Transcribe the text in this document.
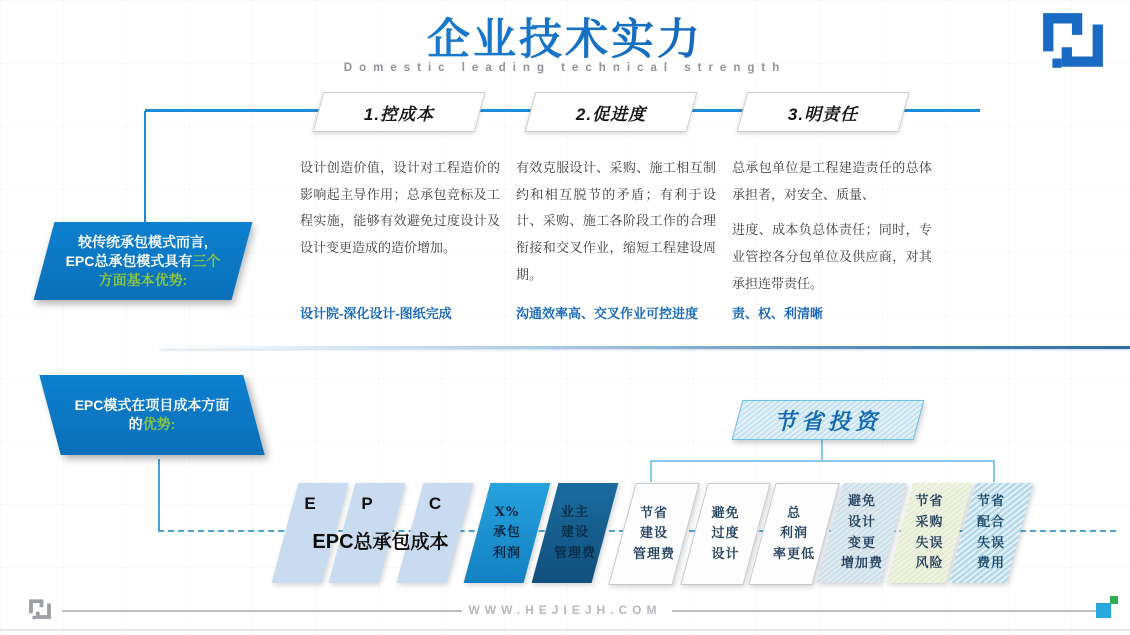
企业技术实力
Domestic leading technical strength
1.控成本	2.促进度	3.明责任

设计创造价值，设计对工程造价的影响起主导作用；总承包竞标及工程实施，能够有效避免过度设计及设计变更造成的造价增加。

设计院-深化设计-图纸完成

有效克服设计、采购、施工相互制约和相互脱节的矛盾；有利于设计、采购、施工各阶段工作的合理衔接和交叉作业，缩短工程建设周期。

沟通效率高、交叉作业可控进度

总承包单位是工程建造责任的总体承担者，对安全、质量、

进度、成本负总体责任；同时，专业管控各分包单位及供应商，对其承担连带责任。

责、权、利清晰
较传统承包模式而言,
EPC总承包模式具有三个
方面基本优势:
EPC模式在项目成本方面
的优势:	节省投资
E	P	C
EPC总承包成本
X%
承包
利润
业主
建设
管理费
节省
建设
管理费
避免
过度
设计
总
利润
率更低
避免
设计
变更
增加费
节省
采购
失误
风险
节省
配合
失误
费用
WWW.HEJIEJH.COM
